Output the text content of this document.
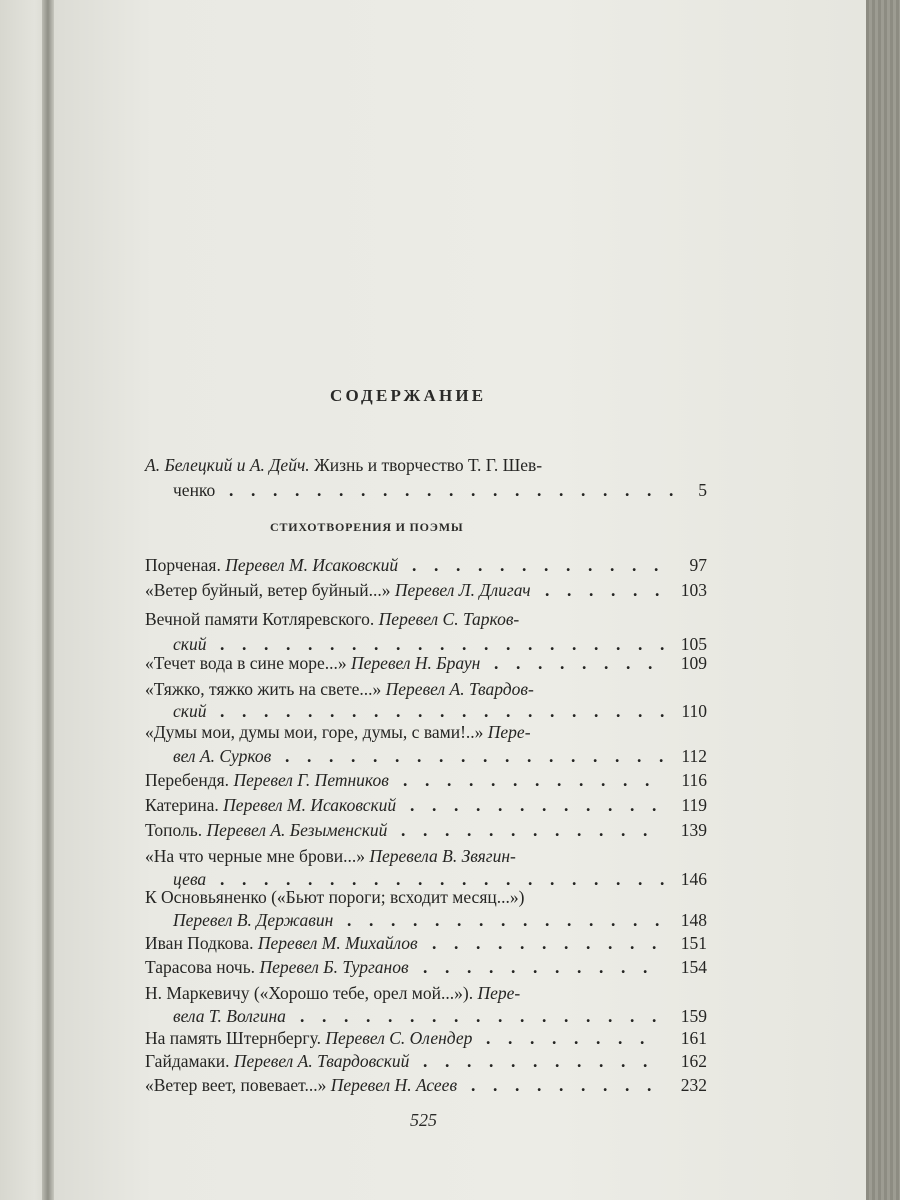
СОДЕРЖАНИЕ
СТИХОТВОРЕНИЯ И ПОЭМЫ
А. Белецкий и А. Дейч. Жизнь и творчество Т. Г. Шев-
ченко	5
. . . . . . . . . . . . . . . . . . . . .
Порченая. Перевел М. Исаковский	97
. . . . . . . . . . . .
«Ветер буйный, ветер буйный...» Перевел Л. Длигач	103
. . . . . .
Вечной памяти Котляревского. Перевел С. Тарков-
ский	105
. . . . . . . . . . . . . . . . . . . . .
«Течет вода в сине море...» Перевел Н. Браун	109
. . . . . . . .
«Тяжко, тяжко жить на свете...» Перевел А. Твардов-
ский	110
. . . . . . . . . . . . . . . . . . . . .
«Думы мои, думы мои, горе, думы, с вами!..» Пере-
вел А. Сурков	112
. . . . . . . . . . . . . . . . . .
Перебендя. Перевел Г. Петников	116
. . . . . . . . . . . .
Катерина. Перевел М. Исаковский	119
. . . . . . . . . . . .
Тополь. Перевел А. Безыменский	139
. . . . . . . . . . . .
«На что черные мне брови...» Перевела В. Звягин-
цева	146
. . . . . . . . . . . . . . . . . . . . .
К Основьяненко («Бьют пороги; всходит месяц...»)
Перевел В. Державин	148
. . . . . . . . . . . . . . .
Иван Подкова. Перевел М. Михайлов	151
. . . . . . . . . . .
Тарасова ночь. Перевел Б. Турганов	154
. . . . . . . . . . .
Н. Маркевичу («Хорошо тебе, орел мой...»). Пере-
вела Т. Волгина	159
. . . . . . . . . . . . . . . . .
На память Штернбергу. Перевел С. Олендер	161
. . . . . . . .
Гайдамаки. Перевел А. Твардовский	162
. . . . . . . . . . .
«Ветер веет, повевает...» Перевел Н. Асеев	232
. . . . . . . . .
525
